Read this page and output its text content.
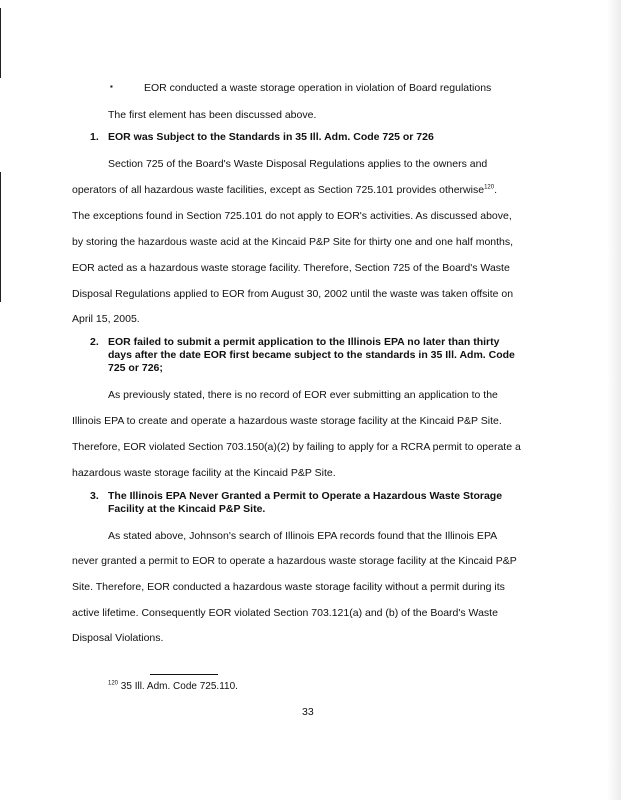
▪	EOR conducted a waste storage operation in violation of Board regulations
The first element has been discussed above.
1. EOR was Subject to the Standards in 35 Ill. Adm. Code 725 or 726
Section 725 of the Board's Waste Disposal Regulations applies to the owners and
operators of all hazardous waste facilities, except as Section 725.101 provides otherwise$^{120}$.
The exceptions found in Section 725.101 do not apply to EOR's activities. As discussed above,
by storing the hazardous waste acid at the Kincaid P&P Site for thirty one and one half months,
EOR acted as a hazardous waste storage facility. Therefore, Section 725 of the Board's Waste
Disposal Regulations applied to EOR from August 30, 2002 until the waste was taken offsite on
April 15, 2005.
2. EOR failed to submit a permit application to the Illinois EPA no later than thirty
days after the date EOR first became subject to the standards in 35 Ill. Adm. Code
725 or 726;
As previously stated, there is no record of EOR ever submitting an application to the
Illinois EPA to create and operate a hazardous waste storage facility at the Kincaid P&P Site.
Therefore, EOR violated Section 703.150(a)(2) by failing to apply for a RCRA permit to operate a
hazardous waste storage facility at the Kincaid P&P Site.
3. The Illinois EPA Never Granted a Permit to Operate a Hazardous Waste Storage
Facility at the Kincaid P&P Site.
As stated above, Johnson's search of Illinois EPA records found that the Illinois EPA
never granted a permit to EOR to operate a hazardous waste storage facility at the Kincaid P&P
Site. Therefore, EOR conducted a hazardous waste storage facility without a permit during its
active lifetime. Consequently EOR violated Section 703.121(a) and (b) of the Board's Waste
Disposal Violations.
$^{120}$ 35 Ill. Adm. Code 725.110.
33
